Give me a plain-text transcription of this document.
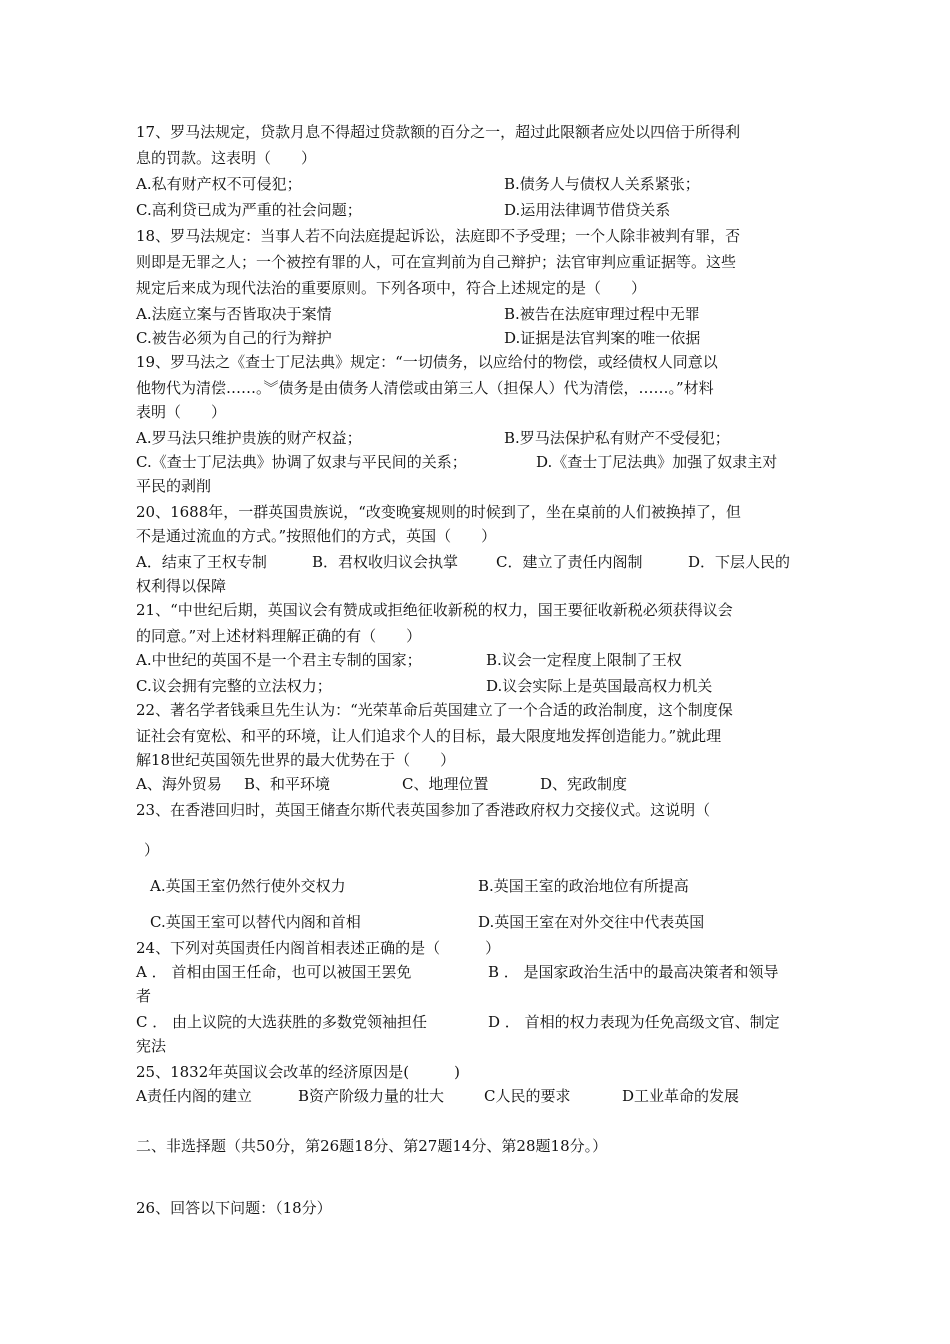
17、罗马法规定，贷款月息不得超过贷款额的百分之一，超过此限额者应处以四倍于所得利
息的罚款。这表明（　　）
A.私有财产权不可侵犯；	B.债务人与债权人关系紧张；
C.高利贷已成为严重的社会问题；	D.运用法律调节借贷关系
18、罗马法规定：当事人若不向法庭提起诉讼，法庭即不予受理；一个人除非被判有罪，否
则即是无罪之人；一个被控有罪的人，可在宣判前为自己辩护；法官审判应重证据等。这些
规定后来成为现代法治的重要原则。下列各项中，符合上述规定的是（　　）
A.法庭立案与否皆取决于案情	B.被告在法庭审理过程中无罪
C.被告必须为自己的行为辩护	D.证据是法官判案的唯一依据
19、罗马法之《查士丁尼法典》规定：“一切债务，以应给付的物偿，或经债权人同意以
他物代为清偿……。︾债务是由债务人清偿或由第三人（担保人）代为清偿，……。”材料
表明（　　）
A.罗马法只维护贵族的财产权益；	B.罗马法保护私有财产不受侵犯；
C.《查士丁尼法典》协调了奴隶与平民间的关系；	D.《查士丁尼法典》加强了奴隶主对
平民的剥削
20、1688年，一群英国贵族说，“改变晚宴规则的时候到了，坐在桌前的人们被换掉了，但
不是通过流血的方式。”按照他们的方式，英国（　　）
A．结束了王权专制	B．君权收归议会执掌	C．建立了责任内阁制	D．下层人民的
权利得以保障
21、“中世纪后期，英国议会有赞成或拒绝征收新税的权力，国王要征收新税必须获得议会
的同意。”对上述材料理解正确的有（　　）
A.中世纪的英国不是一个君主专制的国家；	B.议会一定程度上限制了王权
C.议会拥有完整的立法权力；	D.议会实际上是英国最高权力机关
22、著名学者钱乘旦先生认为：“光荣革命后英国建立了一个合适的政治制度，这个制度保
证社会有宽松、和平的环境，让人们追求个人的目标，最大限度地发挥创造能力。”就此理
解18世纪英国领先世界的最大优势在于（　　）
A、海外贸易 B、和平环境	C、地理位置	D、宪政制度
23、在香港回归时，英国王储查尔斯代表英国参加了香港政府权力交接仪式。这说明（
）
A.英国王室仍然行使外交权力	B.英国王室的政治地位有所提高
C.英国王室可以替代内阁和首相	D.英国王室在对外交往中代表英国
24、下列对英国责任内阁首相表述正确的是（　　　）
A ． 首相由国王任命，也可以被国王罢免	B ． 是国家政治生活中的最高决策者和领导
者
C ． 由上议院的大选获胜的多数党领袖担任	D ． 首相的权力表现为任免高级文官、制定
宪法
25、1832年英国议会改革的经济原因是(　　　)
A责任内阁的建立	B资产阶级力量的壮大	C人民的要求	D工业革命的发展
二、非选择题（共50分，第26题18分、第27题14分、第28题18分。）
26、回答以下问题：（18分）
